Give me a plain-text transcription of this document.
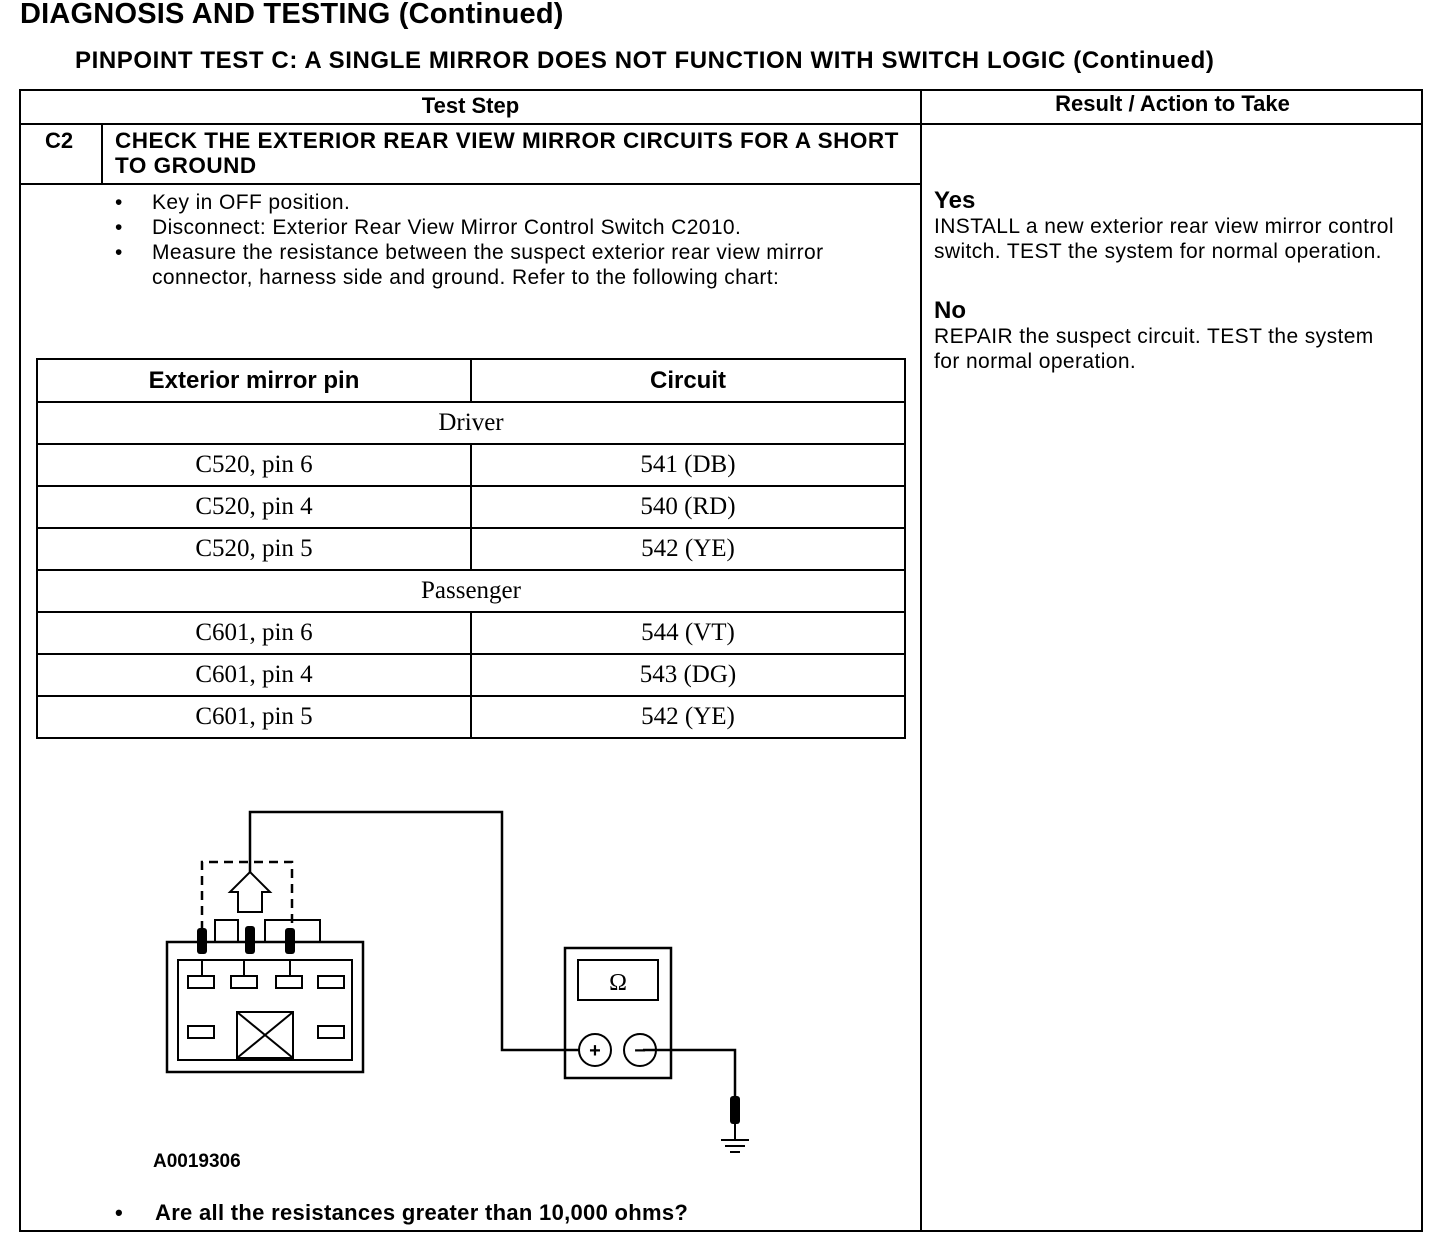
DIAGNOSIS AND TESTING (Continued)
PINPOINT TEST C: A SINGLE MIRROR DOES NOT FUNCTION WITH SWITCH LOGIC (Continued)
Test Step	Result / Action to Take
C2 CHECK THE EXTERIOR REAR VIEW MIRROR CIRCUITS FOR A SHORT TO GROUND
• Key in OFF position.
• Disconnect: Exterior Rear View Mirror Control Switch C2010.
• Measure the resistance between the suspect exterior rear view mirror connector, harness side and ground. Refer to the following chart:
Exterior mirror pin	Circuit
Driver	
C520, pin 6	541 (DB)
C520, pin 4	540 (RD)
C520, pin 5	542 (YE)
Passenger	
C601, pin 6	544 (VT)
C601, pin 4	543 (DG)
C601, pin 5	542 (YE)
Ω
+ −
A0019306
• Are all the resistances greater than 10,000 ohms?
Yes
INSTALL a new exterior rear view mirror control switch. TEST the system for normal operation.
No
REPAIR the suspect circuit. TEST the system for normal operation.
